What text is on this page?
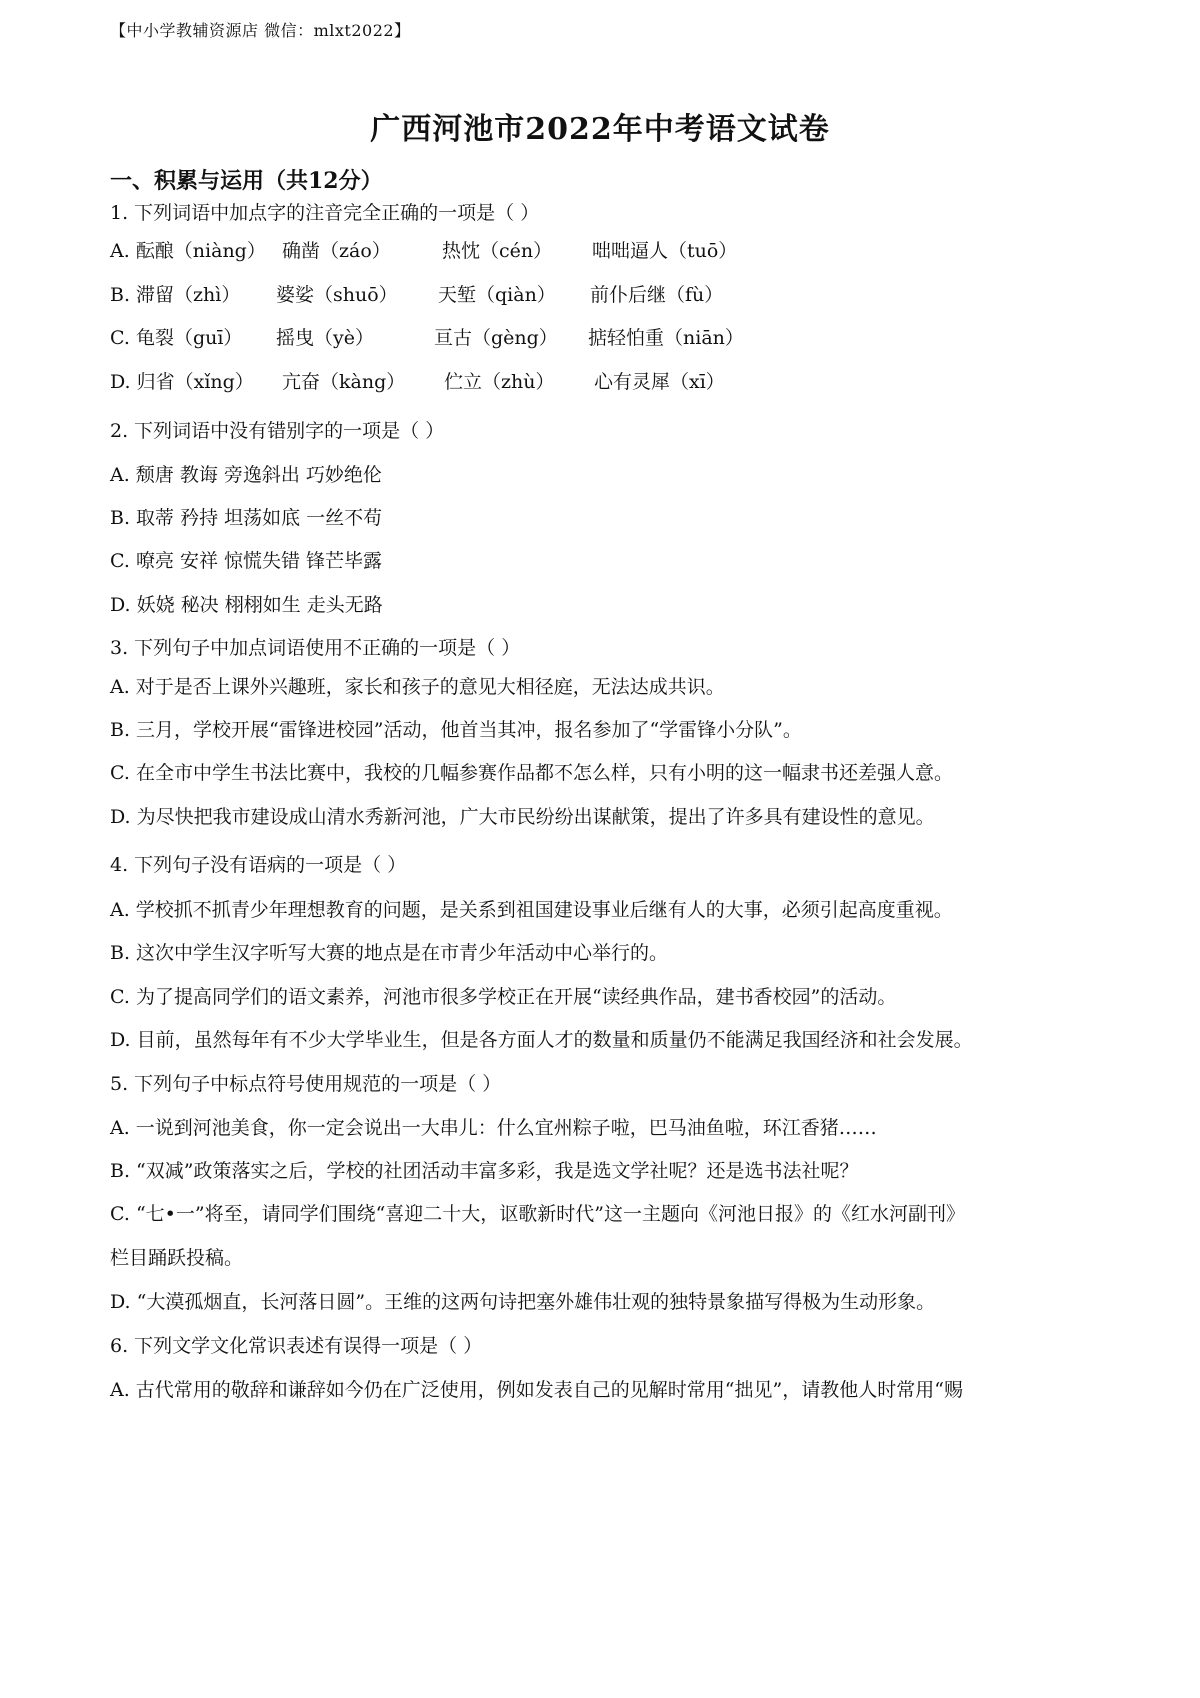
【中小学教辅资源店 微信：mlxt2022】
广西河池市2022年中考语文试卷
一、积累与运用（共12分）
1. 下列词语中加点字的注音完全正确的一项是（ ）
A. 酝酿（niàng） 确凿（záo）	热忱（cén） 咄咄逼人（tuō）
B. 滞留（zhì） 婆娑（shuō） 天堑（qiàn） 前仆后继（fù）
C. 龟裂（guī） 摇曳（yè）	亘古（gèng） 掂轻怕重（niān）
D. 归省（xǐng） 亢奋（kàng） 伫立（zhù） 心有灵犀（xī）
2. 下列词语中没有错别字的一项是（ ）
A. 颓唐 教诲 旁逸斜出 巧妙绝伦
B. 取蒂 矜持 坦荡如底 一丝不苟
C. 嘹亮 安祥 惊慌失错 锋芒毕露
D. 妖娆 秘决 栩栩如生 走头无路
3. 下列句子中加点词语使用不正确的一项是（ ）
A. 对于是否上课外兴趣班，家长和孩子的意见大相径庭，无法达成共识。
B. 三月，学校开展“雷锋进校园”活动，他首当其冲，报名参加了“学雷锋小分队”。
C. 在全市中学生书法比赛中，我校的几幅参赛作品都不怎么样，只有小明的这一幅隶书还差强人意。
D. 为尽快把我市建设成山清水秀新河池，广大市民纷纷出谋献策，提出了许多具有建设性的意见。
4. 下列句子没有语病的一项是（ ）
A. 学校抓不抓青少年理想教育的问题，是关系到祖国建设事业后继有人的大事，必须引起高度重视。
B. 这次中学生汉字听写大赛的地点是在市青少年活动中心举行的。
C. 为了提高同学们的语文素养，河池市很多学校正在开展“读经典作品，建书香校园”的活动。
D. 目前，虽然每年有不少大学毕业生，但是各方面人才的数量和质量仍不能满足我国经济和社会发展。
5. 下列句子中标点符号使用规范的一项是（ ）
A. 一说到河池美食，你一定会说出一大串儿：什么宜州粽子啦，巴马油鱼啦，环江香猪……
B. “双减”政策落实之后，学校的社团活动丰富多彩，我是选文学社呢？还是选书法社呢？
C. “七•一”将至，请同学们围绕“喜迎二十大，讴歌新时代”这一主题向《河池日报》的《红水河副刊》
栏目踊跃投稿。
D. “大漠孤烟直，长河落日圆”。王维的这两句诗把塞外雄伟壮观的独特景象描写得极为生动形象。
6. 下列文学文化常识表述有误得一项是（ ）
A. 古代常用的敬辞和谦辞如今仍在广泛使用，例如发表自己的见解时常用“拙见”，请教他人时常用“赐
